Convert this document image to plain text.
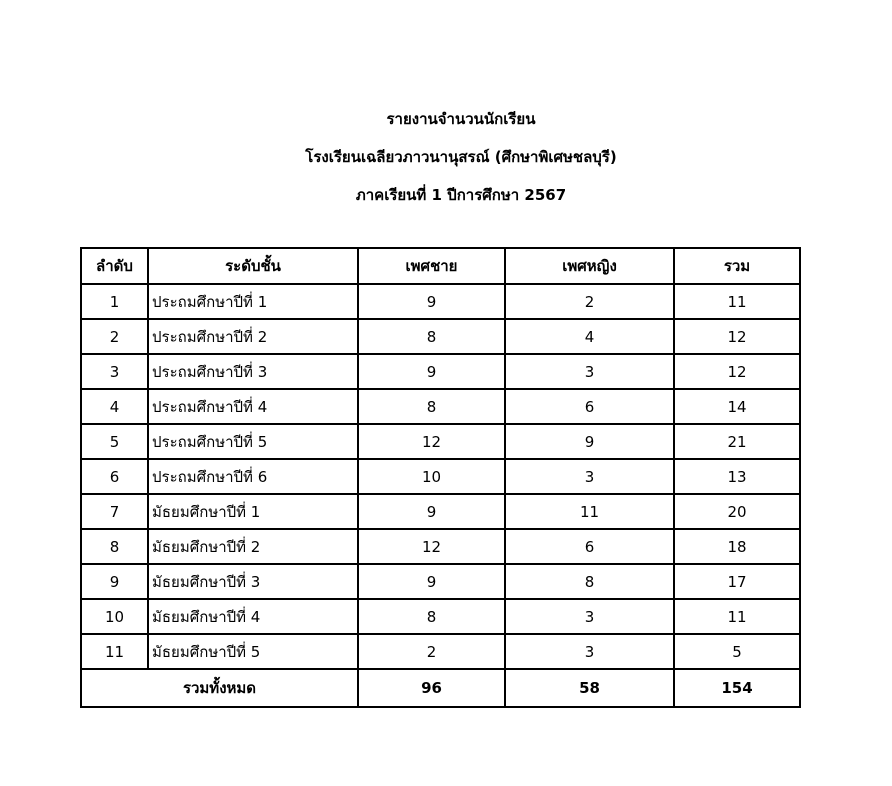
รายงานจำนวนนักเรียน
โรงเรียนเฉลียวภาวนานุสรณ์ (ศึกษาพิเศษชลบุรี)
ภาคเรียนที่ 1 ปีการศึกษา 2567
ลำดับ	ระดับชั้น	เพศชาย	เพศหญิง	รวม
1	ประถมศึกษาปีที่ 1	9	2	11
2	ประถมศึกษาปีที่ 2	8	4	12
3	ประถมศึกษาปีที่ 3	9	3	12
4	ประถมศึกษาปีที่ 4	8	6	14
5	ประถมศึกษาปีที่ 5	12	9	21
6	ประถมศึกษาปีที่ 6	10	3	13
7	มัธยมศึกษาปีที่ 1	9	11	20
8	มัธยมศึกษาปีที่ 2	12	6	18
9	มัธยมศึกษาปีที่ 3	9	8	17
10	มัธยมศึกษาปีที่ 4	8	3	11
11	มัธยมศึกษาปีที่ 5	2	3	5
รวมทั้งหมด		96	58	154
